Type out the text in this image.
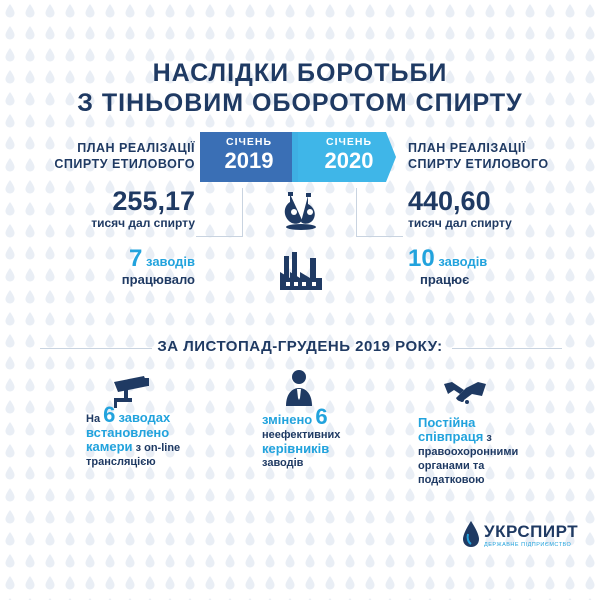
НАСЛІДКИ БОРОТЬБИ
З ТІНЬОВИМ ОБОРОТОМ СПИРТУ
ПЛАН РЕАЛІЗАЦІЇ
СПИРТУ ЕТИЛОВОГО
СІЧЕНЬ
2019
СІЧЕНЬ
2020	ПЛАН РЕАЛІЗАЦІЇ
СПИРТУ ЕТИЛОВОГО
255,17
тисяч дал спирту
440,60
тисяч дал спирту
7 заводів
працювало
10 заводів
працює
ЗА ЛИСТОПАД-ГРУДЕНЬ 2019 РОКУ:
На 6 заводах
встановлено
камери з on-line
трансляцією
змінено 6
неефективних
керівників
заводів
Постійна
співпраця з
правоохоронними
органами та
податковою
УКРСПИРТ
ДЕРЖАВНЕ ПІДПРИЄМСТВО
